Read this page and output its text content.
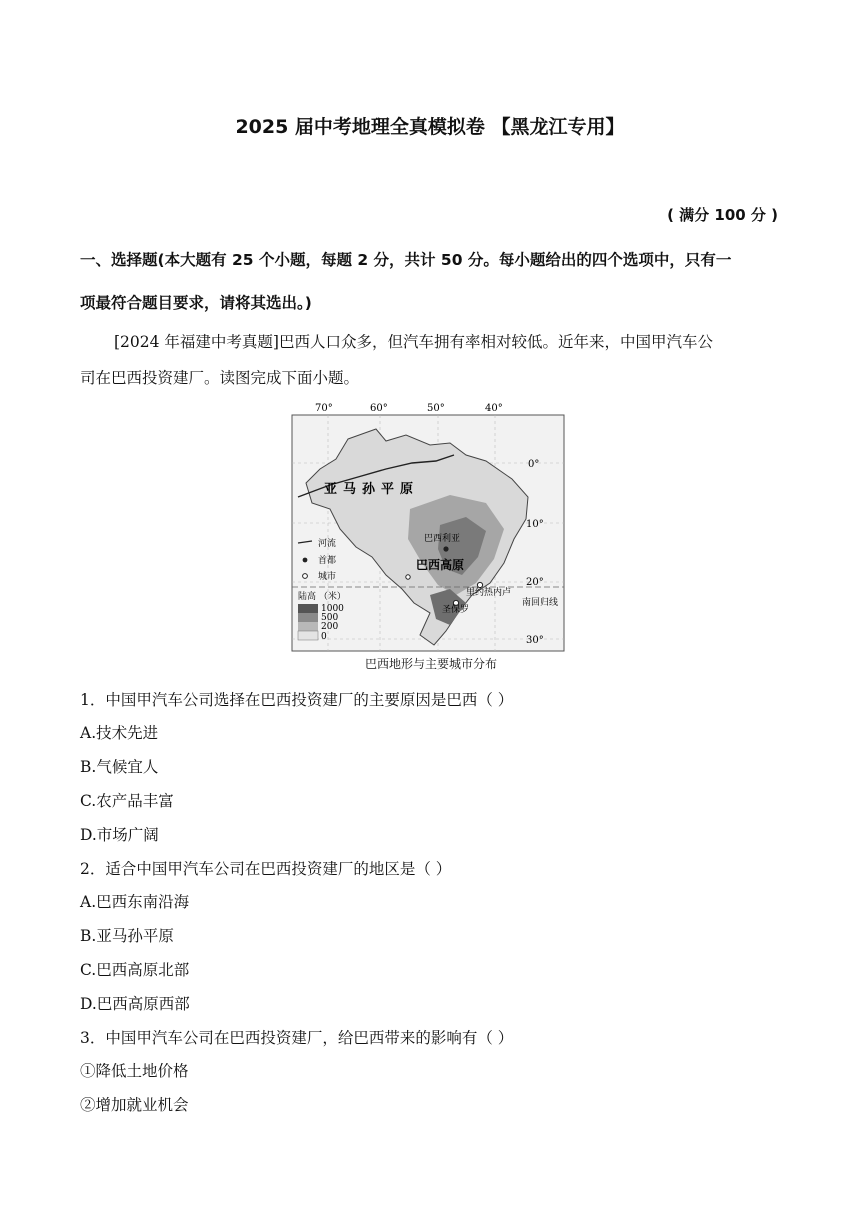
2025 届中考地理全真模拟卷 【黑龙江专用】
( 满分 100 分 )
一、选择题(本大题有 25 个小题，每题 2 分，共计 50 分。每小题给出的四个选项中，只有一
项最符合题目要求，请将其选出。)
[2024 年福建中考真题]巴西人口众多，但汽车拥有率相对较低。近年来，中国甲汽车公
司在巴西投资建厂。读图完成下面小题。
70°	60°	50°	40°
0°
10°
20°
30°
亚马孙平原
巴西高原
巴西利亚
里约热内卢
圣保罗
南回归线
河流
首都
城市
陆高 （米）
1000
500
200
0
巴西地形与主要城市分布
1．中国甲汽车公司选择在巴西投资建厂的主要原因是巴西（ ）
A.技术先进
B.气候宜人
C.农产品丰富
D.市场广阔
2．适合中国甲汽车公司在巴西投资建厂的地区是（ ）
A.巴西东南沿海
B.亚马孙平原
C.巴西高原北部
D.巴西高原西部
3．中国甲汽车公司在巴西投资建厂，给巴西带来的影响有（ ）
①降低土地价格
②增加就业机会
